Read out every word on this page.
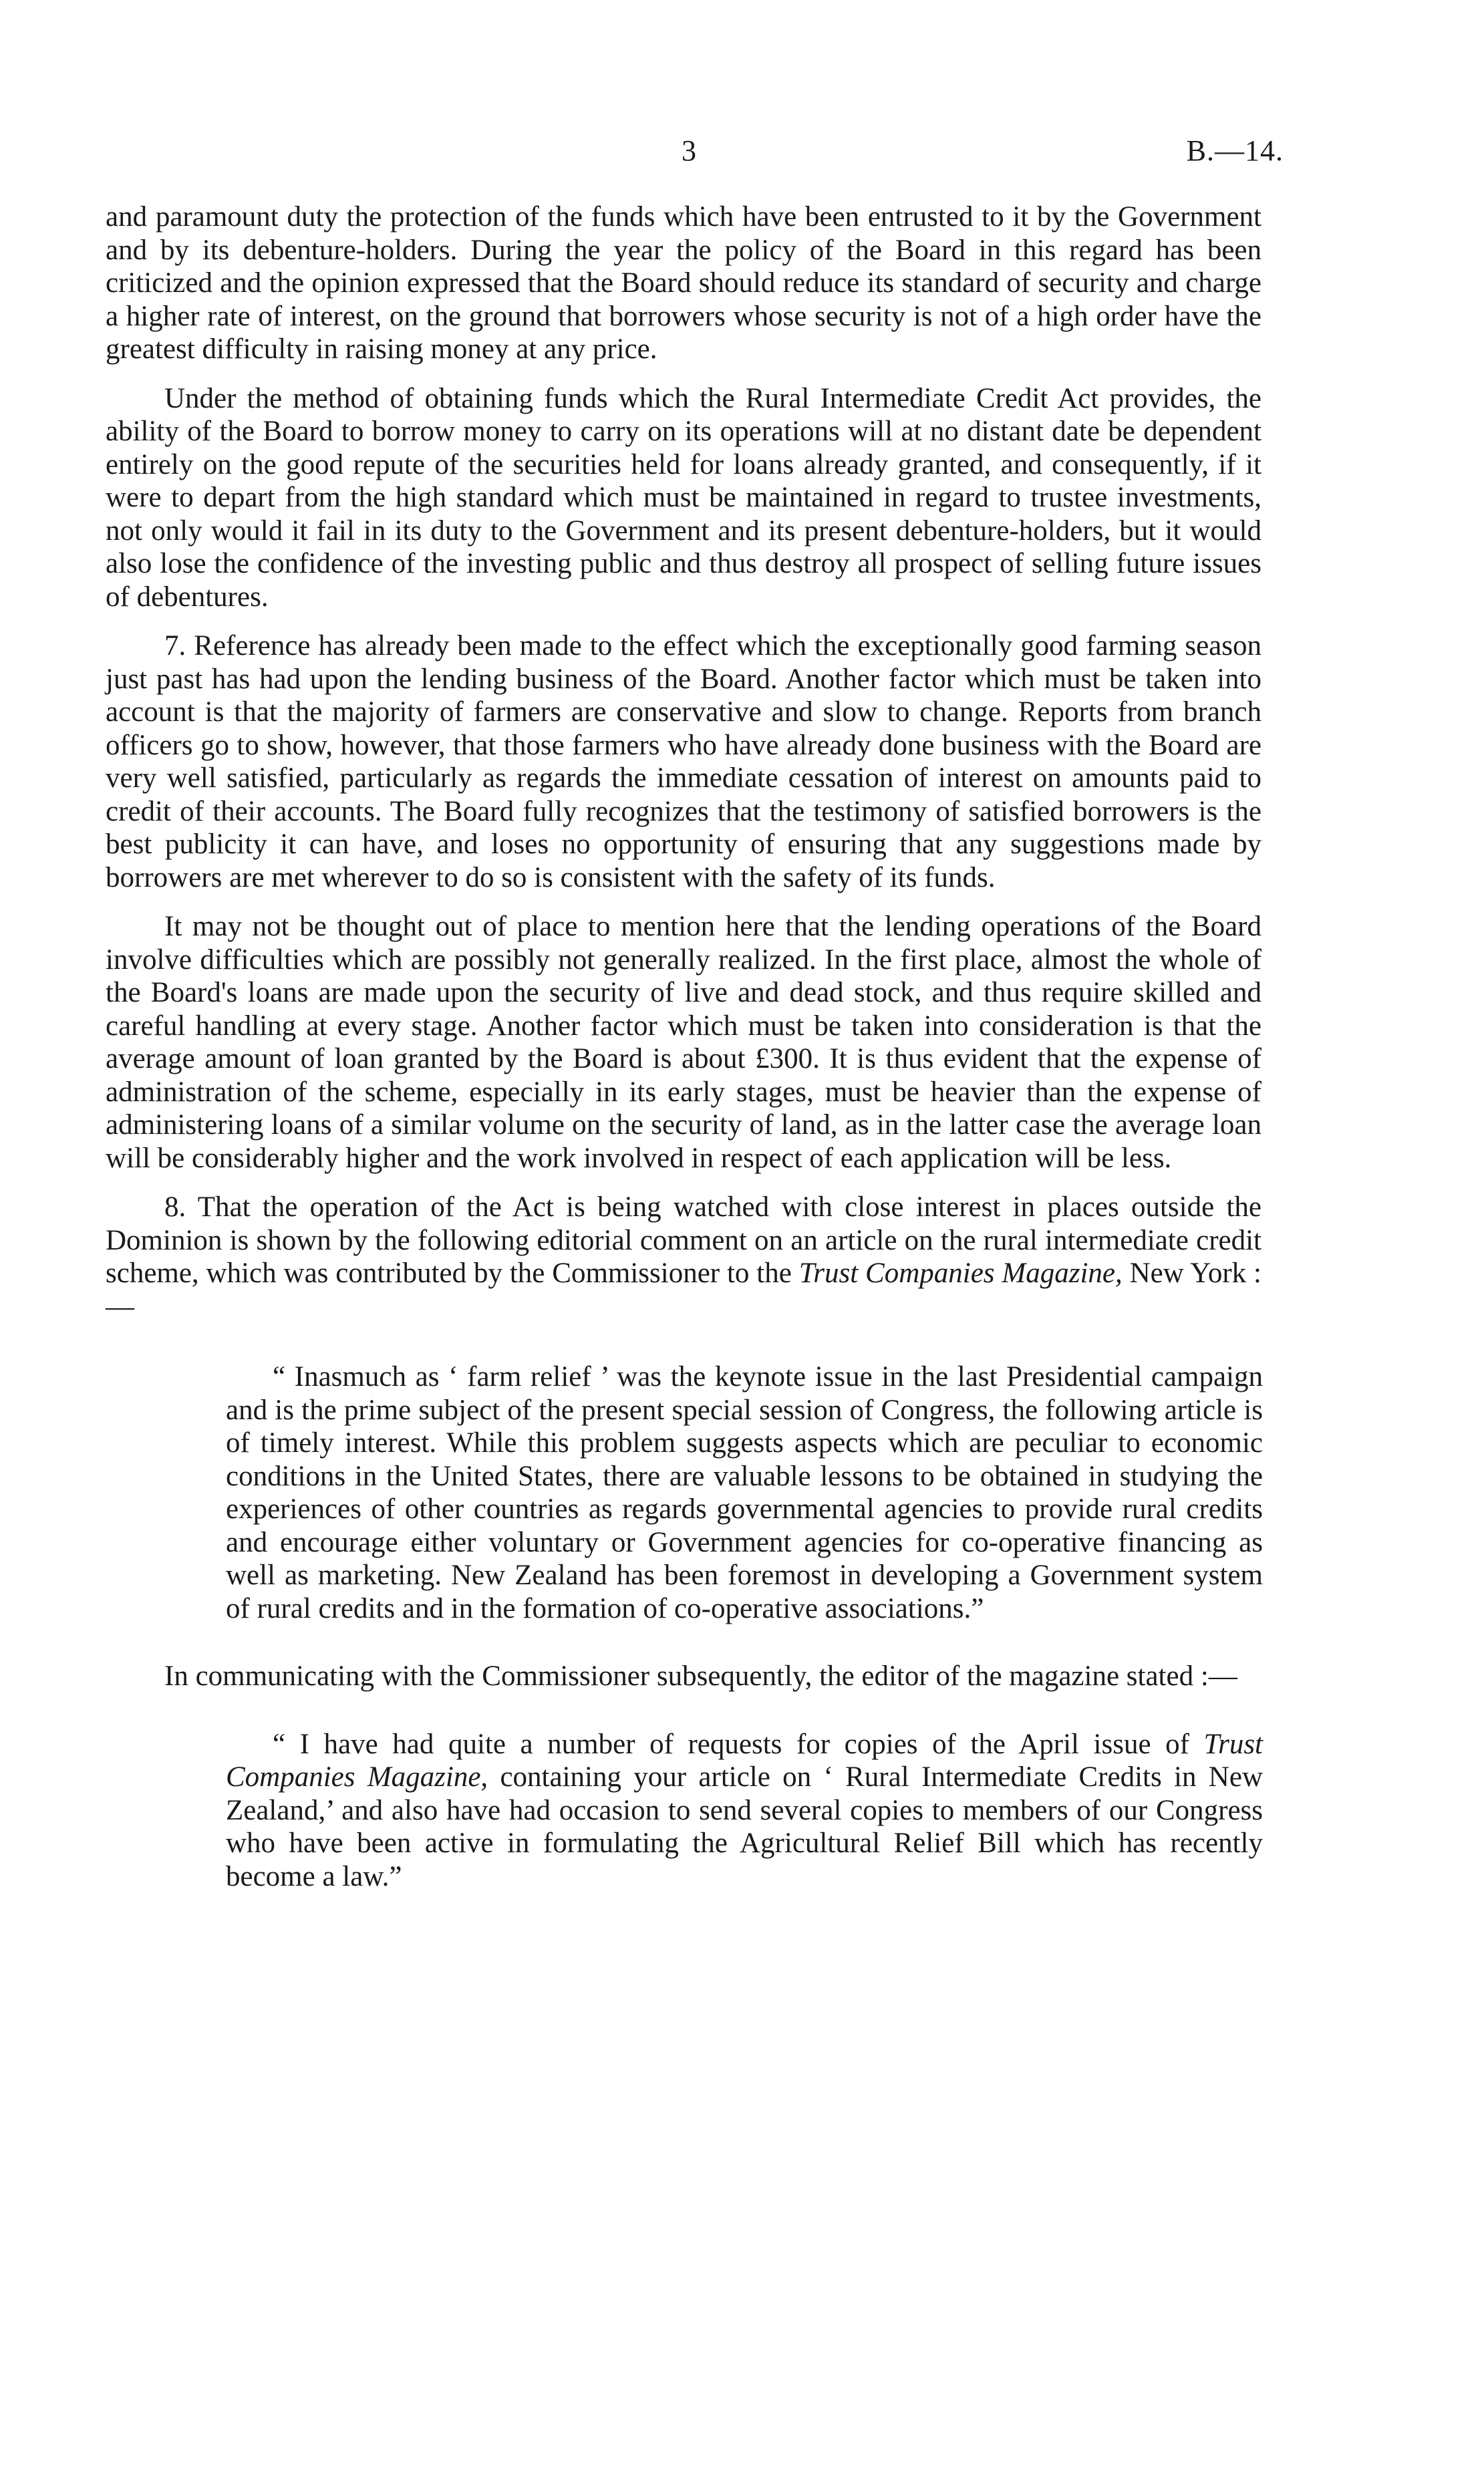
3	B.—14.

and paramount duty the protection of the funds which have been entrusted to it by the Government and by its debenture-holders. During the year the policy of the Board in this regard has been criticized and the opinion expressed that the Board should reduce its standard of security and charge a higher rate of interest, on the ground that borrowers whose security is not of a high order have the greatest difficulty in raising money at any price.

Under the method of obtaining funds which the Rural Intermediate Credit Act provides, the ability of the Board to borrow money to carry on its operations will at no distant date be dependent entirely on the good repute of the securities held for loans already granted, and consequently, if it were to depart from the high standard which must be maintained in regard to trustee investments, not only would it fail in its duty to the Government and its present debenture-holders, but it would also lose the confidence of the investing public and thus destroy all prospect of selling future issues of debentures.

7. Reference has already been made to the effect which the exceptionally good farming season just past has had upon the lending business of the Board. Another factor which must be taken into account is that the majority of farmers are conservative and slow to change. Reports from branch officers go to show, however, that those farmers who have already done business with the Board are very well satisfied, particularly as regards the immediate cessation of interest on amounts paid to credit of their accounts. The Board fully recognizes that the testimony of satisfied borrowers is the best publicity it can have, and loses no opportunity of ensuring that any suggestions made by borrowers are met wherever to do so is consistent with the safety of its funds.

It may not be thought out of place to mention here that the lending operations of the Board involve difficulties which are possibly not generally realized. In the first place, almost the whole of the Board's loans are made upon the security of live and dead stock, and thus require skilled and careful handling at every stage. Another factor which must be taken into consideration is that the average amount of loan granted by the Board is about £300. It is thus evident that the expense of administration of the scheme, especially in its early stages, must be heavier than the expense of administering loans of a similar volume on the security of land, as in the latter case the average loan will be considerably higher and the work involved in respect of each application will be less.

8. That the operation of the Act is being watched with close interest in places outside the Dominion is shown by the following editorial comment on an article on the rural intermediate credit scheme, which was contributed by the Commissioner to the Trust Companies Magazine, New York :—

“ Inasmuch as ‘ farm relief ’ was the keynote issue in the last Presidential campaign and is the prime subject of the present special session of Congress, the following article is of timely interest. While this problem suggests aspects which are peculiar to economic conditions in the United States, there are valuable lessons to be obtained in studying the experiences of other countries as regards governmental agencies to provide rural credits and encourage either voluntary or Government agencies for co-operative financing as well as marketing. New Zealand has been foremost in developing a Government system of rural credits and in the formation of co-operative associations.”

In communicating with the Commissioner subsequently, the editor of the magazine stated :—

“ I have had quite a number of requests for copies of the April issue of Trust Companies Magazine, containing your article on ‘ Rural Intermediate Credits in New Zealand,’ and also have had occasion to send several copies to members of our Congress who have been active in formulating the Agricultural Relief Bill which has recently become a law.”
